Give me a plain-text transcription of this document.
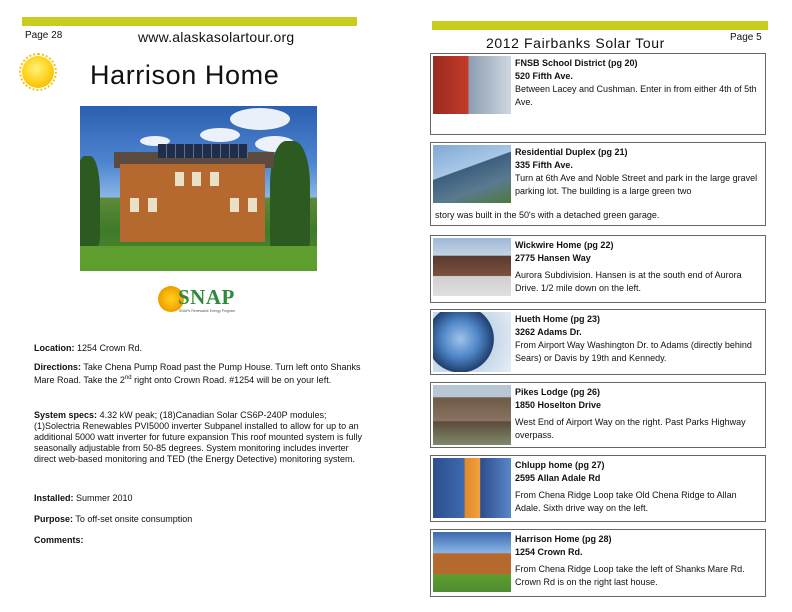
Page 28	www.alaskasolartour.org
Harrison Home
SNAP
SNAPs Renewable Energy Program
Location: 1254 Crown Rd.
Directions: Take Chena Pump Road past the Pump House. Turn left onto Shanks Mare Road. Take the 2nd right onto Crown Road. #1254 will be on your left.
System specs: 4.32 kW peak; (18)Canadian Solar CS6P-240P modules; (1)Solectria Renewables PVI5000 inverter Subpanel installed to allow for up to an additional 5000 watt inverter for future expansion This roof mounted system is fully seasonally adjustable from 50-85 degrees. System monitoring includes inverter direct web-based monitoring and TED (the Energy Detective) monitoring system.
Installed: Summer 2010
Purpose: To off-set onsite consumption
Comments:
2012 Fairbanks Solar Tour	Page 5
FNSB School District (pg 20)
520 Fifth Ave.
Between Lacey and Cushman. Enter in from either 4th of 5th Ave.
Residential Duplex (pg 21)
335 Fifth Ave.
Turn at 6th Ave and Noble Street and park in the large gravel parking lot. The building is a large green two
story was built in the 50's with a detached green garage.
Wickwire Home (pg 22)
2775 Hansen Way
Aurora Subdivision. Hansen is at the south end of Aurora Drive. 1/2 mile down on the left.
Hueth Home (pg 23)
3262 Adams Dr.
From Airport Way Washington Dr. to Adams (directly behind Sears) or Davis by 19th and Kennedy.
Pikes Lodge (pg 26)
1850 Hoselton Drive
West End of Airport Way on the right. Past Parks Highway overpass.
Chlupp home (pg 27)
2595 Allan Adale Rd
From Chena Ridge Loop take Old Chena Ridge to Allan Adale. Sixth drive way on the left.
Harrison Home (pg 28)
1254 Crown Rd.
From Chena Ridge Loop take the left of Shanks Mare Rd. Crown Rd is on the right last house.
